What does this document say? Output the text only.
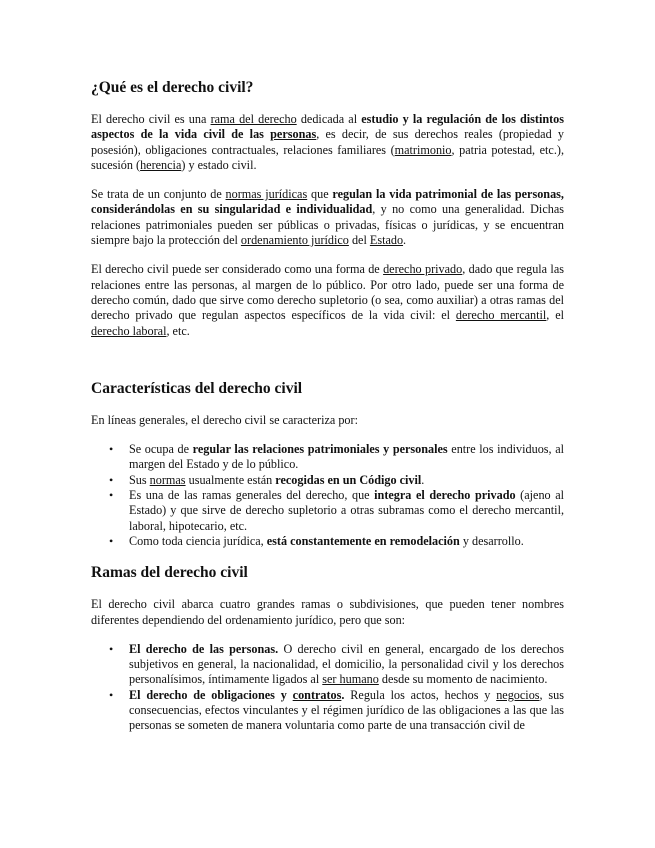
¿Qué es el derecho civil?

El derecho civil es una rama del derecho dedicada al estudio y la regulación de los distintos aspectos de la vida civil de las personas, es decir, de sus derechos reales (propiedad y posesión), obligaciones contractuales, relaciones familiares (matrimonio, patria potestad, etc.), sucesión (herencia) y estado civil.

Se trata de un conjunto de normas jurídicas que regulan la vida patrimonial de las personas, considerándolas en su singularidad e individualidad, y no como una generalidad. Dichas relaciones patrimoniales pueden ser públicas o privadas, físicas o jurídicas, y se encuentran siempre bajo la protección del ordenamiento jurídico del Estado.

El derecho civil puede ser considerado como una forma de derecho privado, dado que regula las relaciones entre las personas, al margen de lo público. Por otro lado, puede ser una forma de derecho común, dado que sirve como derecho supletorio (o sea, como auxiliar) a otras ramas del derecho privado que regulan aspectos específicos de la vida civil: el derecho mercantil, el derecho laboral, etc.

Características del derecho civil

En líneas generales, el derecho civil se caracteriza por:

• Se ocupa de regular las relaciones patrimoniales y personales entre los individuos, al margen del Estado y de lo público.
• Sus normas usualmente están recogidas en un Código civil.
• Es una de las ramas generales del derecho, que integra el derecho privado (ajeno al Estado) y que sirve de derecho supletorio a otras subramas como el derecho mercantil, laboral, hipotecario, etc.
• Como toda ciencia jurídica, está constantemente en remodelación y desarrollo.
Ramas del derecho civil

El derecho civil abarca cuatro grandes ramas o subdivisiones, que pueden tener nombres diferentes dependiendo del ordenamiento jurídico, pero que son:

• El derecho de las personas. O derecho civil en general, encargado de los derechos subjetivos en general, la nacionalidad, el domicilio, la personalidad civil y los derechos personalísimos, íntimamente ligados al ser humano desde su momento de nacimiento.
• El derecho de obligaciones y contratos. Regula los actos, hechos y negocios, sus consecuencias, efectos vinculantes y el régimen jurídico de las obligaciones a las que las personas se someten de manera voluntaria como parte de una transacción civil de
